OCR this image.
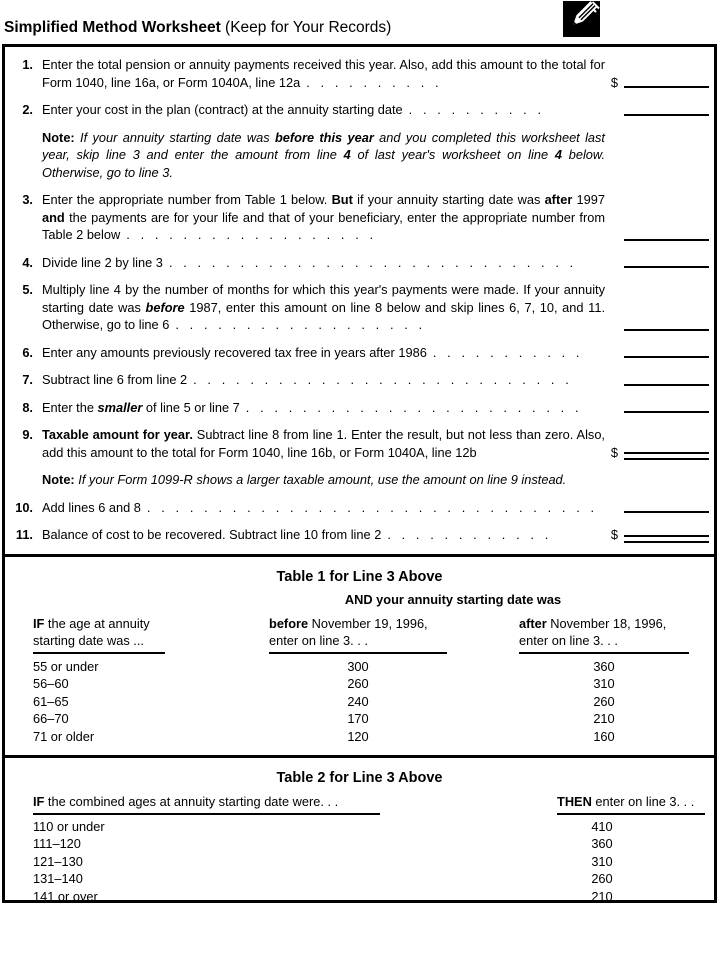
Simplified Method Worksheet (Keep for Your Records)
1. Enter the total pension or annuity payments received this year. Also, add this amount to the total for Form 1040, line 16a, or Form 1040A, line 12a . . . . . . . . . .	$
2. Enter your cost in the plan (contract) at the annuity starting date . . . . . . . . . .
Note: If your annuity starting date was before this year and you completed this worksheet last year, skip line 3 and enter the amount from line 4 of last year's worksheet on line 4 below. Otherwise, go to line 3.
3. Enter the appropriate number from Table 1 below. But if your annuity starting date was after 1997 and the payments are for your life and that of your beneficiary, enter the appropriate number from Table 2 below . . . . . . . . . . . . . . . . . .
4. Divide line 2 by line 3 . . . . . . . . . . . . . . . . . . . . . . . . . . . . .
5. Multiply line 4 by the number of months for which this year's payments were made. If your annuity starting date was before 1987, enter this amount on line 8 below and skip lines 6, 7, 10, and 11. Otherwise, go to line 6 . . . . . . . . . . . . . . . . . .
6. Enter any amounts previously recovered tax free in years after 1986 . . . . . . . . . . .
7. Subtract line 6 from line 2 . . . . . . . . . . . . . . . . . . . . . . . . . . .
8. Enter the smaller of line 5 or line 7 . . . . . . . . . . . . . . . . . . . . . . . .
9. Taxable amount for year. Subtract line 8 from line 1. Enter the result, but not less than zero. Also, add this amount to the total for Form 1040, line 16b, or Form 1040A, line 12b	$
Note: If your Form 1099-R shows a larger taxable amount, use the amount on line 9 instead.
10. Add lines 6 and 8 . . . . . . . . . . . . . . . . . . . . . . . . . . . . . . . .
11. Balance of cost to be recovered. Subtract line 10 from line 2 . . . . . . . . . . . .	$
Table 1 for Line 3 Above
AND your annuity starting date was
IF the age at annuity starting date was ...
before November 19, 1996,
enter on line 3. . .
after November 18, 1996,
enter on line 3. . .
55 or under	300	360
56–60	260	310
61–65	240	260
66–70	170	210
71 or older	120	160
Table 2 for Line 3 Above
IF the combined ages at annuity starting date were. . .	THEN enter on line 3. . .
110 or under	410
111–120	360
121–130	310
131–140	260
141 or over	210
